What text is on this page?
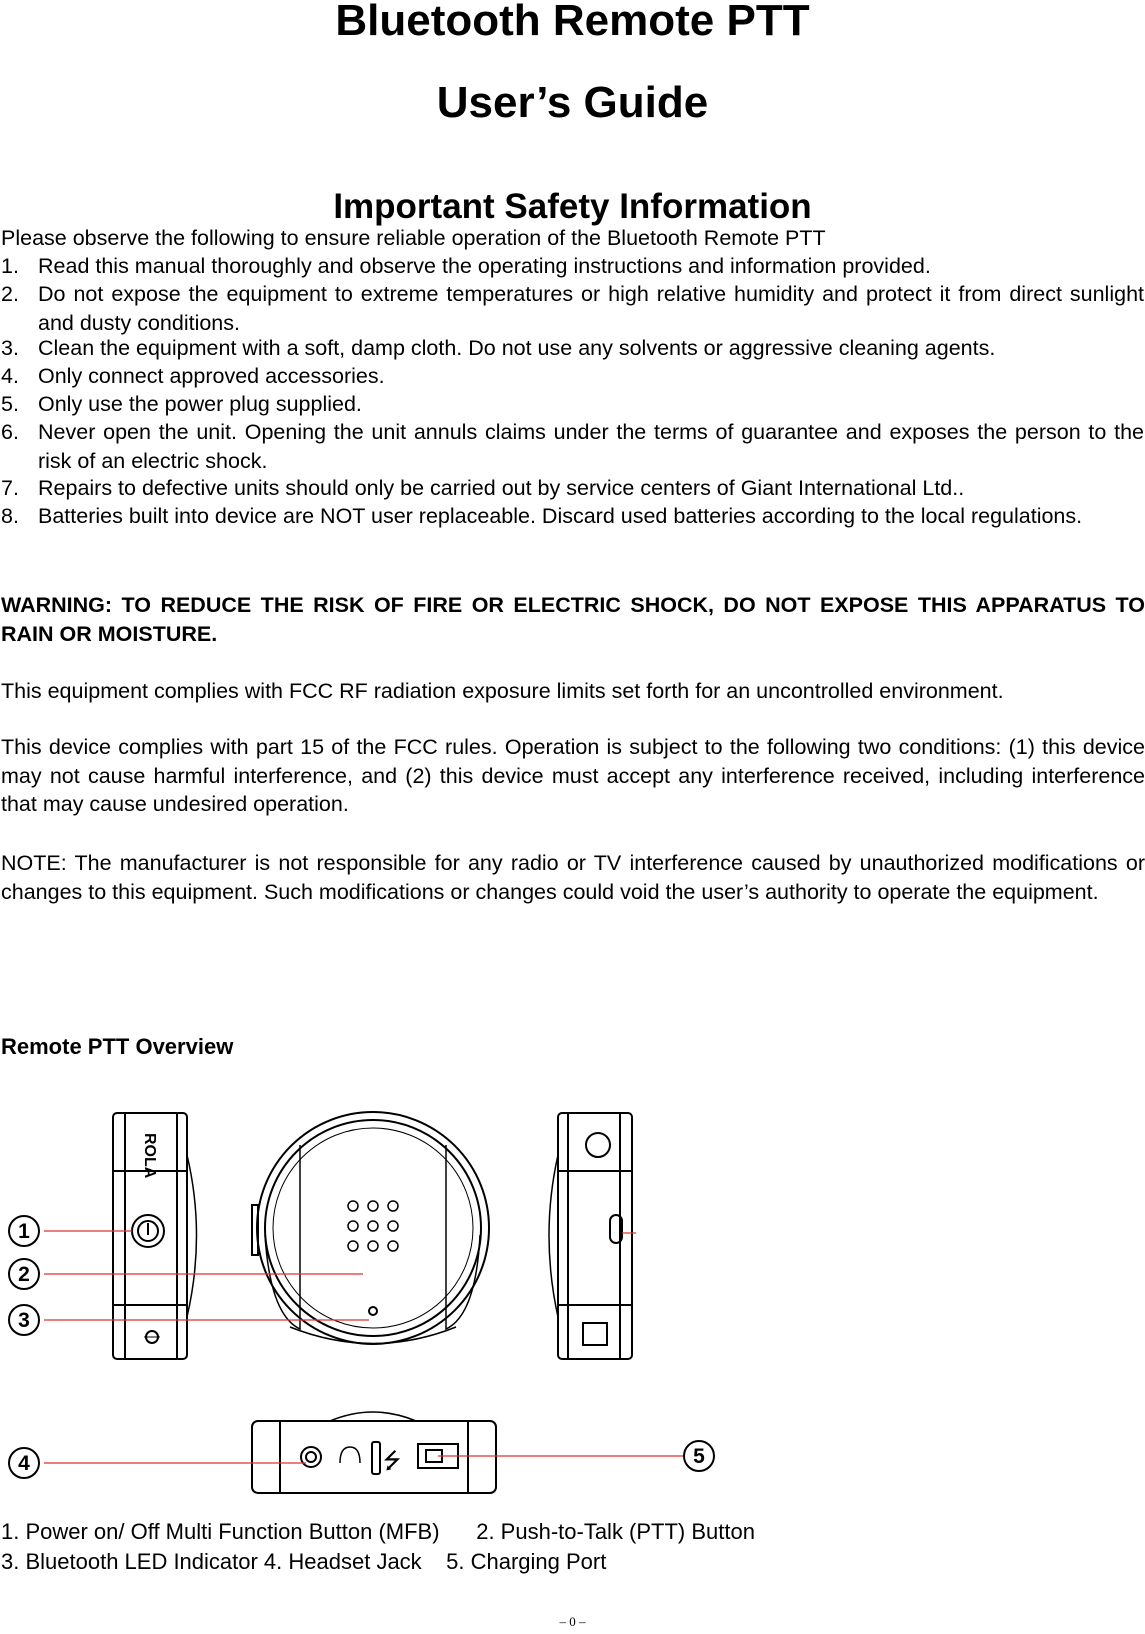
Bluetooth Remote PTT
User’s Guide
Important Safety Information
Please observe the following to ensure reliable operation of the Bluetooth Remote PTT
1. Read this manual thoroughly and observe the operating instructions and information provided.
2. Do not expose the equipment to extreme temperatures or high relative humidity and protect it from direct sunlight and dusty conditions.
3. Clean the equipment with a soft, damp cloth. Do not use any solvents or aggressive cleaning agents.
4. Only connect approved accessories.
5. Only use the power plug supplied.
6. Never open the unit. Opening the unit annuls claims under the terms of guarantee and exposes the person to the risk of an electric shock.
7. Repairs to defective units should only be carried out by service centers of Giant International Ltd..
8. Batteries built into device are NOT user replaceable. Discard used batteries according to the local regulations.
WARNING: TO REDUCE THE RISK OF FIRE OR ELECTRIC SHOCK, DO NOT EXPOSE THIS APPARATUS TO RAIN OR MOISTURE.
This equipment complies with FCC RF radiation exposure limits set forth for an uncontrolled environment.
This device complies with part 15 of the FCC rules. Operation is subject to the following two conditions: (1) this device may not cause harmful interference, and (2) this device must accept any interference received, including interference that may cause undesired operation.
NOTE: The manufacturer is not responsible for any radio or TV interference caused by unauthorized modifications or changes to this equipment. Such modifications or changes could void the user’s authority to operate the equipment.
Remote PTT Overview
ROLA
⭍
1
2
3
4	5
1. Power on/ Off Multi Function Button (MFB)      2. Push-to-Talk (PTT) Button
3. Bluetooth LED Indicator 4. Headset Jack    5. Charging Port
– 0 –
